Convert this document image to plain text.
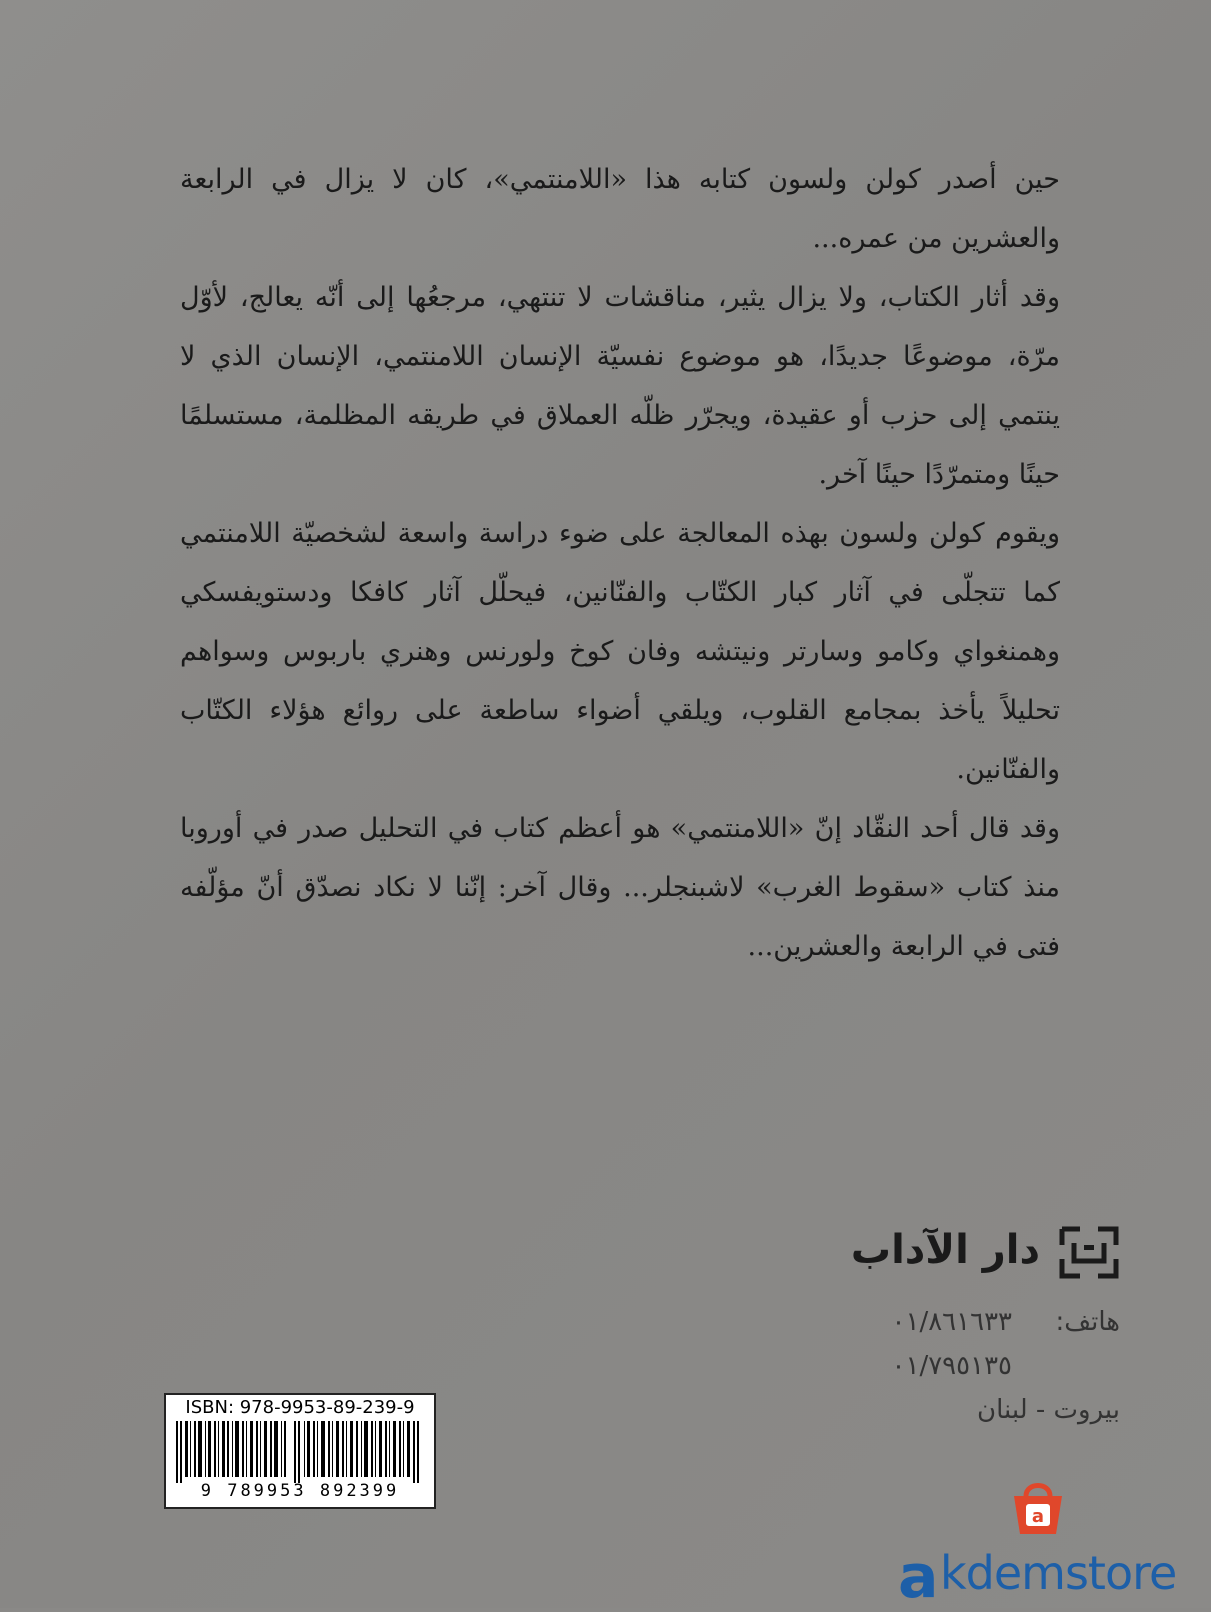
حين أصدر كولن ولسون كتابه هذا «اللامنتمي»، كان لا يزال في الرابعة والعشرين من عمره...

وقد أثار الكتاب، ولا يزال يثير، مناقشات لا تنتهي، مرجعُها إلى أنّه يعالج، لأوّل مرّة، موضوعًا جديدًا، هو موضوع نفسيّة الإنسان اللامنتمي، الإنسان الذي لا ينتمي إلى حزب أو عقيدة، ويجرّر ظلّه العملاق في طريقه المظلمة، مستسلمًا حينًا ومتمرّدًا حينًا آخر.

ويقوم كولن ولسون بهذه المعالجة على ضوء دراسة واسعة لشخصيّة اللامنتمي كما تتجلّى في آثار كبار الكتّاب والفنّانين، فيحلّل آثار كافكا ودستويفسكي وهمنغواي وكامو وسارتر ونيتشه وفان كوخ ولورنس وهنري باربوس وسواهم تحليلاً يأخذ بمجامع القلوب، ويلقي أضواء ساطعة على روائع هؤلاء الكتّاب والفنّانين.

وقد قال أحد النقّاد إنّ «اللامنتمي» هو أعظم كتاب في التحليل صدر في أوروبا منذ كتاب «سقوط الغرب» لاشبنجلر... وقال آخر: إنّنا لا نكاد نصدّق أنّ مؤلّفه فتى في الرابعة والعشرين...

دار الآداب
هاتف:
٠١/٨٦١٦٣٣
٠١/٧٩٥١٣٥
بيروت - لبنان
ISBN: 978-9953-89-239-9
9 789953 892399
a
a kdemstore
